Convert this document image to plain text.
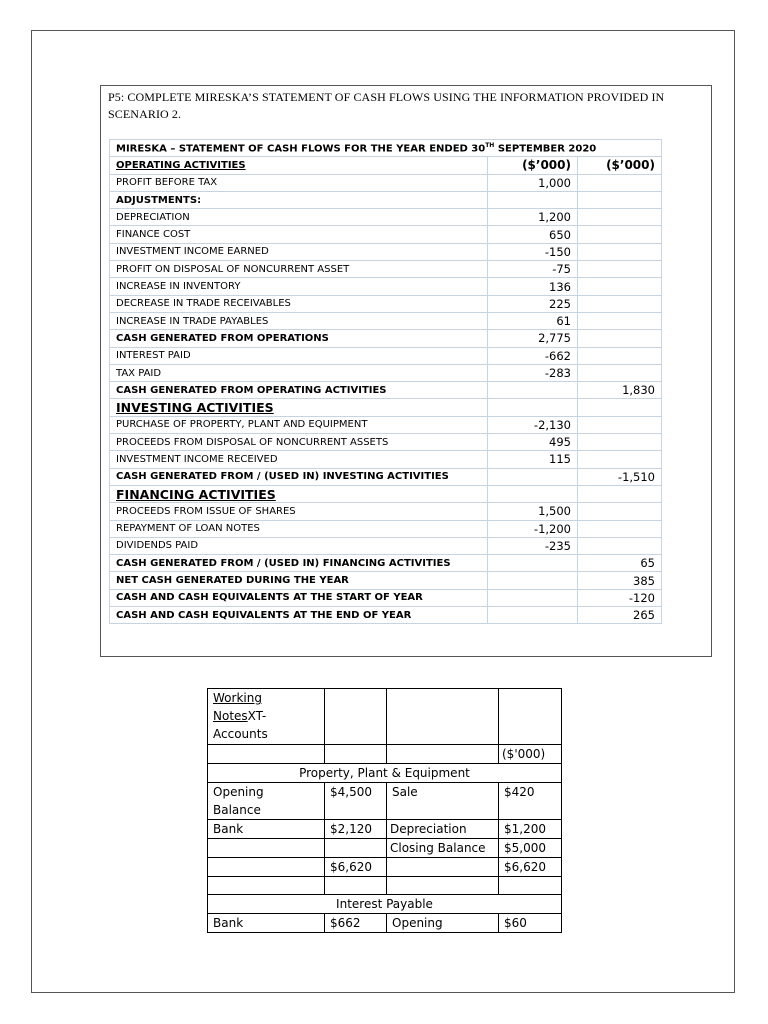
P5: COMPLETE MIRESKA’S STATEMENT OF CASH FLOWS USING THE INFORMATION PROVIDED IN SCENARIO 2.
MIRESKA – STATEMENT OF CASH FLOWS FOR THE YEAR ENDED 30TH SEPTEMBER 2020		
OPERATING ACTIVITIES	($’000)	($’000)
PROFIT BEFORE TAX	1,000	
ADJUSTMENTS:		
DEPRECIATION	1,200	
FINANCE COST	650	
INVESTMENT INCOME EARNED	-150	
PROFIT ON DISPOSAL OF NONCURRENT ASSET	-75	
INCREASE IN INVENTORY	136	
DECREASE IN TRADE RECEIVABLES	225	
INCREASE IN TRADE PAYABLES	61	
CASH GENERATED FROM OPERATIONS	2,775	
INTEREST PAID	-662	
TAX PAID	-283	
CASH GENERATED FROM OPERATING ACTIVITIES		1,830
INVESTING ACTIVITIES		
PURCHASE OF PROPERTY, PLANT AND EQUIPMENT	-2,130	
PROCEEDS FROM DISPOSAL OF NONCURRENT ASSETS	495	
INVESTMENT INCOME RECEIVED	115	
CASH GENERATED FROM / (USED IN) INVESTING ACTIVITIES		-1,510
FINANCING ACTIVITIES		
PROCEEDS FROM ISSUE OF SHARES	1,500	
REPAYMENT OF LOAN NOTES	-1,200	
DIVIDENDS PAID	-235	
CASH GENERATED FROM / (USED IN) FINANCING ACTIVITIES		65
NET CASH GENERATED DURING THE YEAR		385
CASH AND CASH EQUIVALENTS AT THE START OF YEAR		-120
CASH AND CASH EQUIVALENTS AT THE END OF YEAR		265
Working
NotesXT-
Accounts			
			($'000)
Property, Plant & Equipment			
Opening
Balance	$4,500	Sale	$420
Bank	$2,120	Depreciation	$1,200
		Closing Balance	$5,000
	$6,620		$6,620

Interest Payable			
Bank	$662	Opening	$60
